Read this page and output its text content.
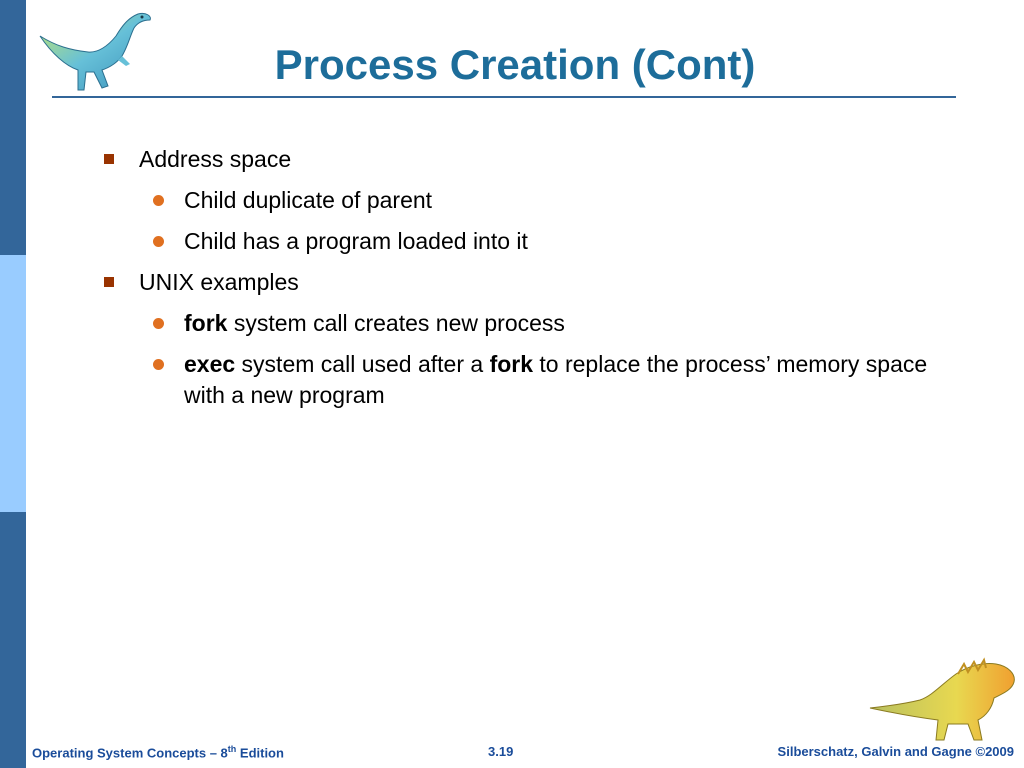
Process Creation (Cont)
Address space
Child duplicate of parent
Child has a program loaded into it
UNIX examples
fork system call creates new process
exec system call used after a fork to replace the process’ memory space with a new program
Operating System Concepts – 8th Edition	3.19	Silberschatz, Galvin and Gagne ©2009
